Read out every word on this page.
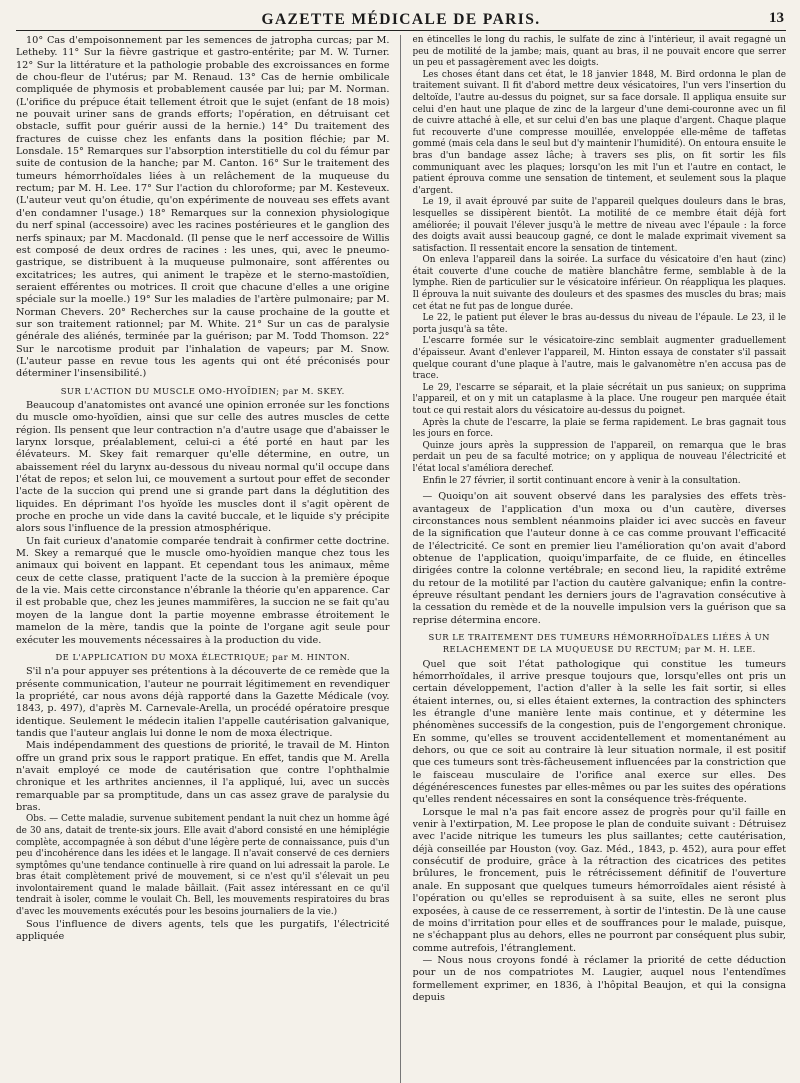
GAZETTE MÉDICALE DE PARIS.	13

10° Cas d'empoisonnement par les semences de jatropha curcas; par M. Letheby. 11° Sur la fièvre gastrique et gastro-entérite; par M. W. Turner. 12° Sur la littérature et la pathologie probable des excroissances en forme de chou-fleur de l'utérus; par M. Renaud. 13° Cas de hernie ombilicale compliquée de phymosis et probablement causée par lui; par M. Norman. (L'orifice du prépuce était tellement étroit que le sujet (enfant de 18 mois) ne pouvait uriner sans de grands efforts; l'opération, en détruisant cet obstacle, suffit pour guérir aussi de la hernie.) 14° Du traitement des fractures de cuisse chez les enfants dans la position fléchie; par M. Lonsdale. 15° Remarques sur l'absorption interstitielle du col du fémur par suite de contusion de la hanche; par M. Canton. 16° Sur le traitement des tumeurs hémorrhoïdales liées à un relâchement de la muqueuse du rectum; par M. H. Lee. 17° Sur l'action du chloroforme; par M. Kesteveux. (L'auteur veut qu'on étudie, qu'on expérimente de nouveau ses effets avant d'en condamner l'usage.) 18° Remarques sur la connexion physiologique du nerf spinal (accessoire) avec les racines postérieures et le ganglion des nerfs spinaux; par M. Macdonald. (Il pense que le nerf accessoire de Willis est composé de deux ordres de racines : les unes, qui, avec le pneumo-gastrique, se distribuent à la muqueuse pulmonaire, sont afférentes ou excitatrices; les autres, qui animent le trapèze et le sterno-mastoïdien, seraient efférentes ou motrices. Il croit que chacune d'elles a une origine spéciale sur la moelle.) 19° Sur les maladies de l'artère pulmonaire; par M. Norman Chevers. 20° Recherches sur la cause prochaine de la goutte et sur son traitement rationnel; par M. White. 21° Sur un cas de paralysie générale des aliénés, terminée par la guérison; par M. Todd Thomson. 22° Sur le narcotisme produit par l'inhalation de vapeurs; par M. Snow. (L'auteur passe en revue tous les agents qui ont été préconisés pour déterminer l'insensibilité.)

SUR L'ACTION DU MUSCLE OMO-HYOÏDIEN; par M. SKEY.

Beaucoup d'anatomistes ont avancé une opinion erronée sur les fonctions du muscle omo-hyoïdien, ainsi que sur celle des autres muscles de cette région. Ils pensent que leur contraction n'a d'autre usage que d'abaisser le larynx lorsque, préalablement, celui-ci a été porté en haut par les élévateurs. M. Skey fait remarquer qu'elle détermine, en outre, un abaissement réel du larynx au-dessous du niveau normal qu'il occupe dans l'état de repos; et selon lui, ce mouvement a surtout pour effet de seconder l'acte de la succion qui prend une si grande part dans la déglutition des liquides. En déprimant l'os hyoïde les muscles dont il s'agit opèrent de proche en proche un vide dans la cavité buccale, et le liquide s'y précipite alors sous l'influence de la pression atmosphérique.

Un fait curieux d'anatomie comparée tendrait à confirmer cette doctrine. M. Skey a remarqué que le muscle omo-hyoïdien manque chez tous les animaux qui boivent en lappant. Et cependant tous les animaux, même ceux de cette classe, pratiquent l'acte de la succion à la première époque de la vie. Mais cette circonstance n'ébranle la théorie qu'en apparence. Car il est probable que, chez les jeunes mammifères, la succion ne se fait qu'au moyen de la langue dont la partie moyenne embrasse étroitement le mamelon de la mère, tandis que la pointe de l'organe agit seule pour exécuter les mouvements nécessaires à la production du vide.

DE L'APPLICATION DU MOXA ÉLECTRIQUE; par M. HINTON.

S'il n'a pour appuyer ses prétentions à la découverte de ce remède que la présente communication, l'auteur ne pourrait légitimement en revendiquer la propriété, car nous avons déjà rapporté dans la Gazette Médicale (voy. 1843, p. 497), d'après M. Carnevale-Arella, un procédé opératoire presque identique. Seulement le médecin italien l'appelle cautérisation galvanique, tandis que l'auteur anglais lui donne le nom de moxa électrique.

Mais indépendamment des questions de priorité, le travail de M. Hinton offre un grand prix sous le rapport pratique. En effet, tandis que M. Arella n'avait employé ce mode de cautérisation que contre l'ophthalmie chronique et les arthrites anciennes, il l'a appliqué, lui, avec un succès remarquable par sa promptitude, dans un cas assez grave de paralysie du bras.

Obs. — Cette maladie, survenue subitement pendant la nuit chez un homme âgé de 30 ans, datait de trente-six jours. Elle avait d'abord consisté en une hémiplégie complète, accompagnée à son début d'une légère perte de connaissance, puis d'un peu d'incohérence dans les idées et le langage. Il n'avait conservé de ces derniers symptômes qu'une tendance continuelle à rire quand on lui adressait la parole. Le bras était complètement privé de mouvement, si ce n'est qu'il s'élevait un peu involontairement quand le malade bâillait. (Fait assez intéressant en ce qu'il tendrait à isoler, comme le voulait Ch. Bell, les mouvements respiratoires du bras d'avec les mouvements exécutés pour les besoins journaliers de la vie.)

Sous l'influence de divers agents, tels que les purgatifs, l'électricité appliquée

en étincelles le long du rachis, le sulfate de zinc à l'intérieur, il avait regagné un peu de motilité de la jambe; mais, quant au bras, il ne pouvait encore que serrer un peu et passagèrement avec les doigts.

Les choses étant dans cet état, le 18 janvier 1848, M. Bird ordonna le plan de traitement suivant. Il fit d'abord mettre deux vésicatoires, l'un vers l'insertion du deltoïde, l'autre au-dessus du poignet, sur sa face dorsale. Il appliqua ensuite sur celui d'en haut une plaque de zinc de la largeur d'une demi-couronne avec un fil de cuivre attaché à elle, et sur celui d'en bas une plaque d'argent. Chaque plaque fut recouverte d'une compresse mouillée, enveloppée elle-même de taffetas gommé (mais cela dans le seul but d'y maintenir l'humidité). On entoura ensuite le bras d'un bandage assez lâche; à travers ses plis, on fit sortir les fils communiquant avec les plaques; lorsqu'on les mit l'un et l'autre en contact, le patient éprouva comme une sensation de tintement, et seulement sous la plaque d'argent.

Le 19, il avait éprouvé par suite de l'appareil quelques douleurs dans le bras, lesquelles se dissipèrent bientôt. La motilité de ce membre était déjà fort améliorée; il pouvait l'élever jusqu'à le mettre de niveau avec l'épaule : la force des doigts avait aussi beaucoup gagné, ce dont le malade exprimait vivement sa satisfaction. Il ressentait encore la sensation de tintement.

On enleva l'appareil dans la soirée. La surface du vésicatoire d'en haut (zinc) était couverte d'une couche de matière blanchâtre ferme, semblable à de la lymphe. Rien de particulier sur le vésicatoire inférieur. On réappliqua les plaques. Il éprouva la nuit suivante des douleurs et des spasmes des muscles du bras; mais cet état ne fut pas de longue durée.

Le 22, le patient put élever le bras au-dessus du niveau de l'épaule. Le 23, il le porta jusqu'à sa tête.

L'escarre formée sur le vésicatoire-zinc semblait augmenter graduellement d'épaisseur. Avant d'enlever l'appareil, M. Hinton essaya de constater s'il passait quelque courant d'une plaque à l'autre, mais le galvanomètre n'en accusa pas de trace.

Le 29, l'escarre se séparait, et la plaie sécrétait un pus sanieux; on supprima l'appareil, et on y mit un cataplasme à la place. Une rougeur pen marquée était tout ce qui restait alors du vésicatoire au-dessus du poignet.

Après la chute de l'escarre, la plaie se ferma rapidement. Le bras gagnait tous les jours en force.

Quinze jours après la suppression de l'appareil, on remarqua que le bras perdait un peu de sa faculté motrice; on y appliqua de nouveau l'électricité et l'état local s'améliora derechef.

Enfin le 27 février, il sortit continuant encore à venir à la consultation.

— Quoiqu'on ait souvent observé dans les paralysies des effets très-avantageux de l'application d'un moxa ou d'un cautère, diverses circonstances nous semblent néanmoins plaider ici avec succès en faveur de la signification que l'auteur donne à ce cas comme prouvant l'efficacité de l'électricité. Ce sont en premier lieu l'amélioration qu'on avait d'abord obtenue de l'application, quoiqu'imparfaite, de ce fluide, en étincelles dirigées contre la colonne vertébrale; en second lieu, la rapidité extrême du retour de la motilité par l'action du cautère galvanique; enfin la contre-épreuve résultant pendant les derniers jours de l'agravation consécutive à la cessation du remède et de la nouvelle impulsion vers la guérison que sa reprise détermina encore.

SUR LE TRAITEMENT DES TUMEURS HÉMORRHOÏDALES LIÉES À UN RELACHEMENT DE LA MUQUEUSE DU RECTUM; par M. H. LEE.

Quel que soit l'état pathologique qui constitue les tumeurs hémorrhoïdales, il arrive presque toujours que, lorsqu'elles ont pris un certain développement, l'action d'aller à la selle les fait sortir, si elles étaient internes, ou, si elles étaient externes, la contraction des sphincters les étrangle d'une manière lente mais continue, et y détermine les phénomènes successifs de la congestion, puis de l'engorgement chronique. En somme, qu'elles se trouvent accidentellement et momentanément au dehors, ou que ce soit au contraire là leur situation normale, il est positif que ces tumeurs sont très-fâcheusement influencées par la constriction que le faisceau musculaire de l'orifice anal exerce sur elles. Des dégénérescences funestes par elles-mêmes ou par les suites des opérations qu'elles rendent nécessaires en sont la conséquence très-fréquente.

Lorsque le mal n'a pas fait encore assez de progrès pour qu'il faille en venir à l'extirpation, M. Lee propose le plan de conduite suivant : Détruisez avec l'acide nitrique les tumeurs les plus saillantes; cette cautérisation, déjà conseillée par Houston (voy. Gaz. Méd., 1843, p. 452), aura pour effet consécutif de produire, grâce à la rétraction des cicatrices des petites brûlures, le froncement, puis le rétrécissement définitif de l'ouverture anale. En supposant que quelques tumeurs hémorroïdales aient résisté à l'opération ou qu'elles se reproduisent à sa suite, elles ne seront plus exposées, à cause de ce resserrement, à sortir de l'intestin. De là une cause de moins d'irritation pour elles et de souffrances pour le malade, puisque, ne s'échappant plus au dehors, elles ne pourront par conséquent plus subir, comme autrefois, l'étranglement.

— Nous nous croyons fondé à réclamer la priorité de cette déduction pour un de nos compatriotes M. Laugier, auquel nous l'entendîmes formellement exprimer, en 1836, à l'hôpital Beaujon, et qui la consigna depuis
